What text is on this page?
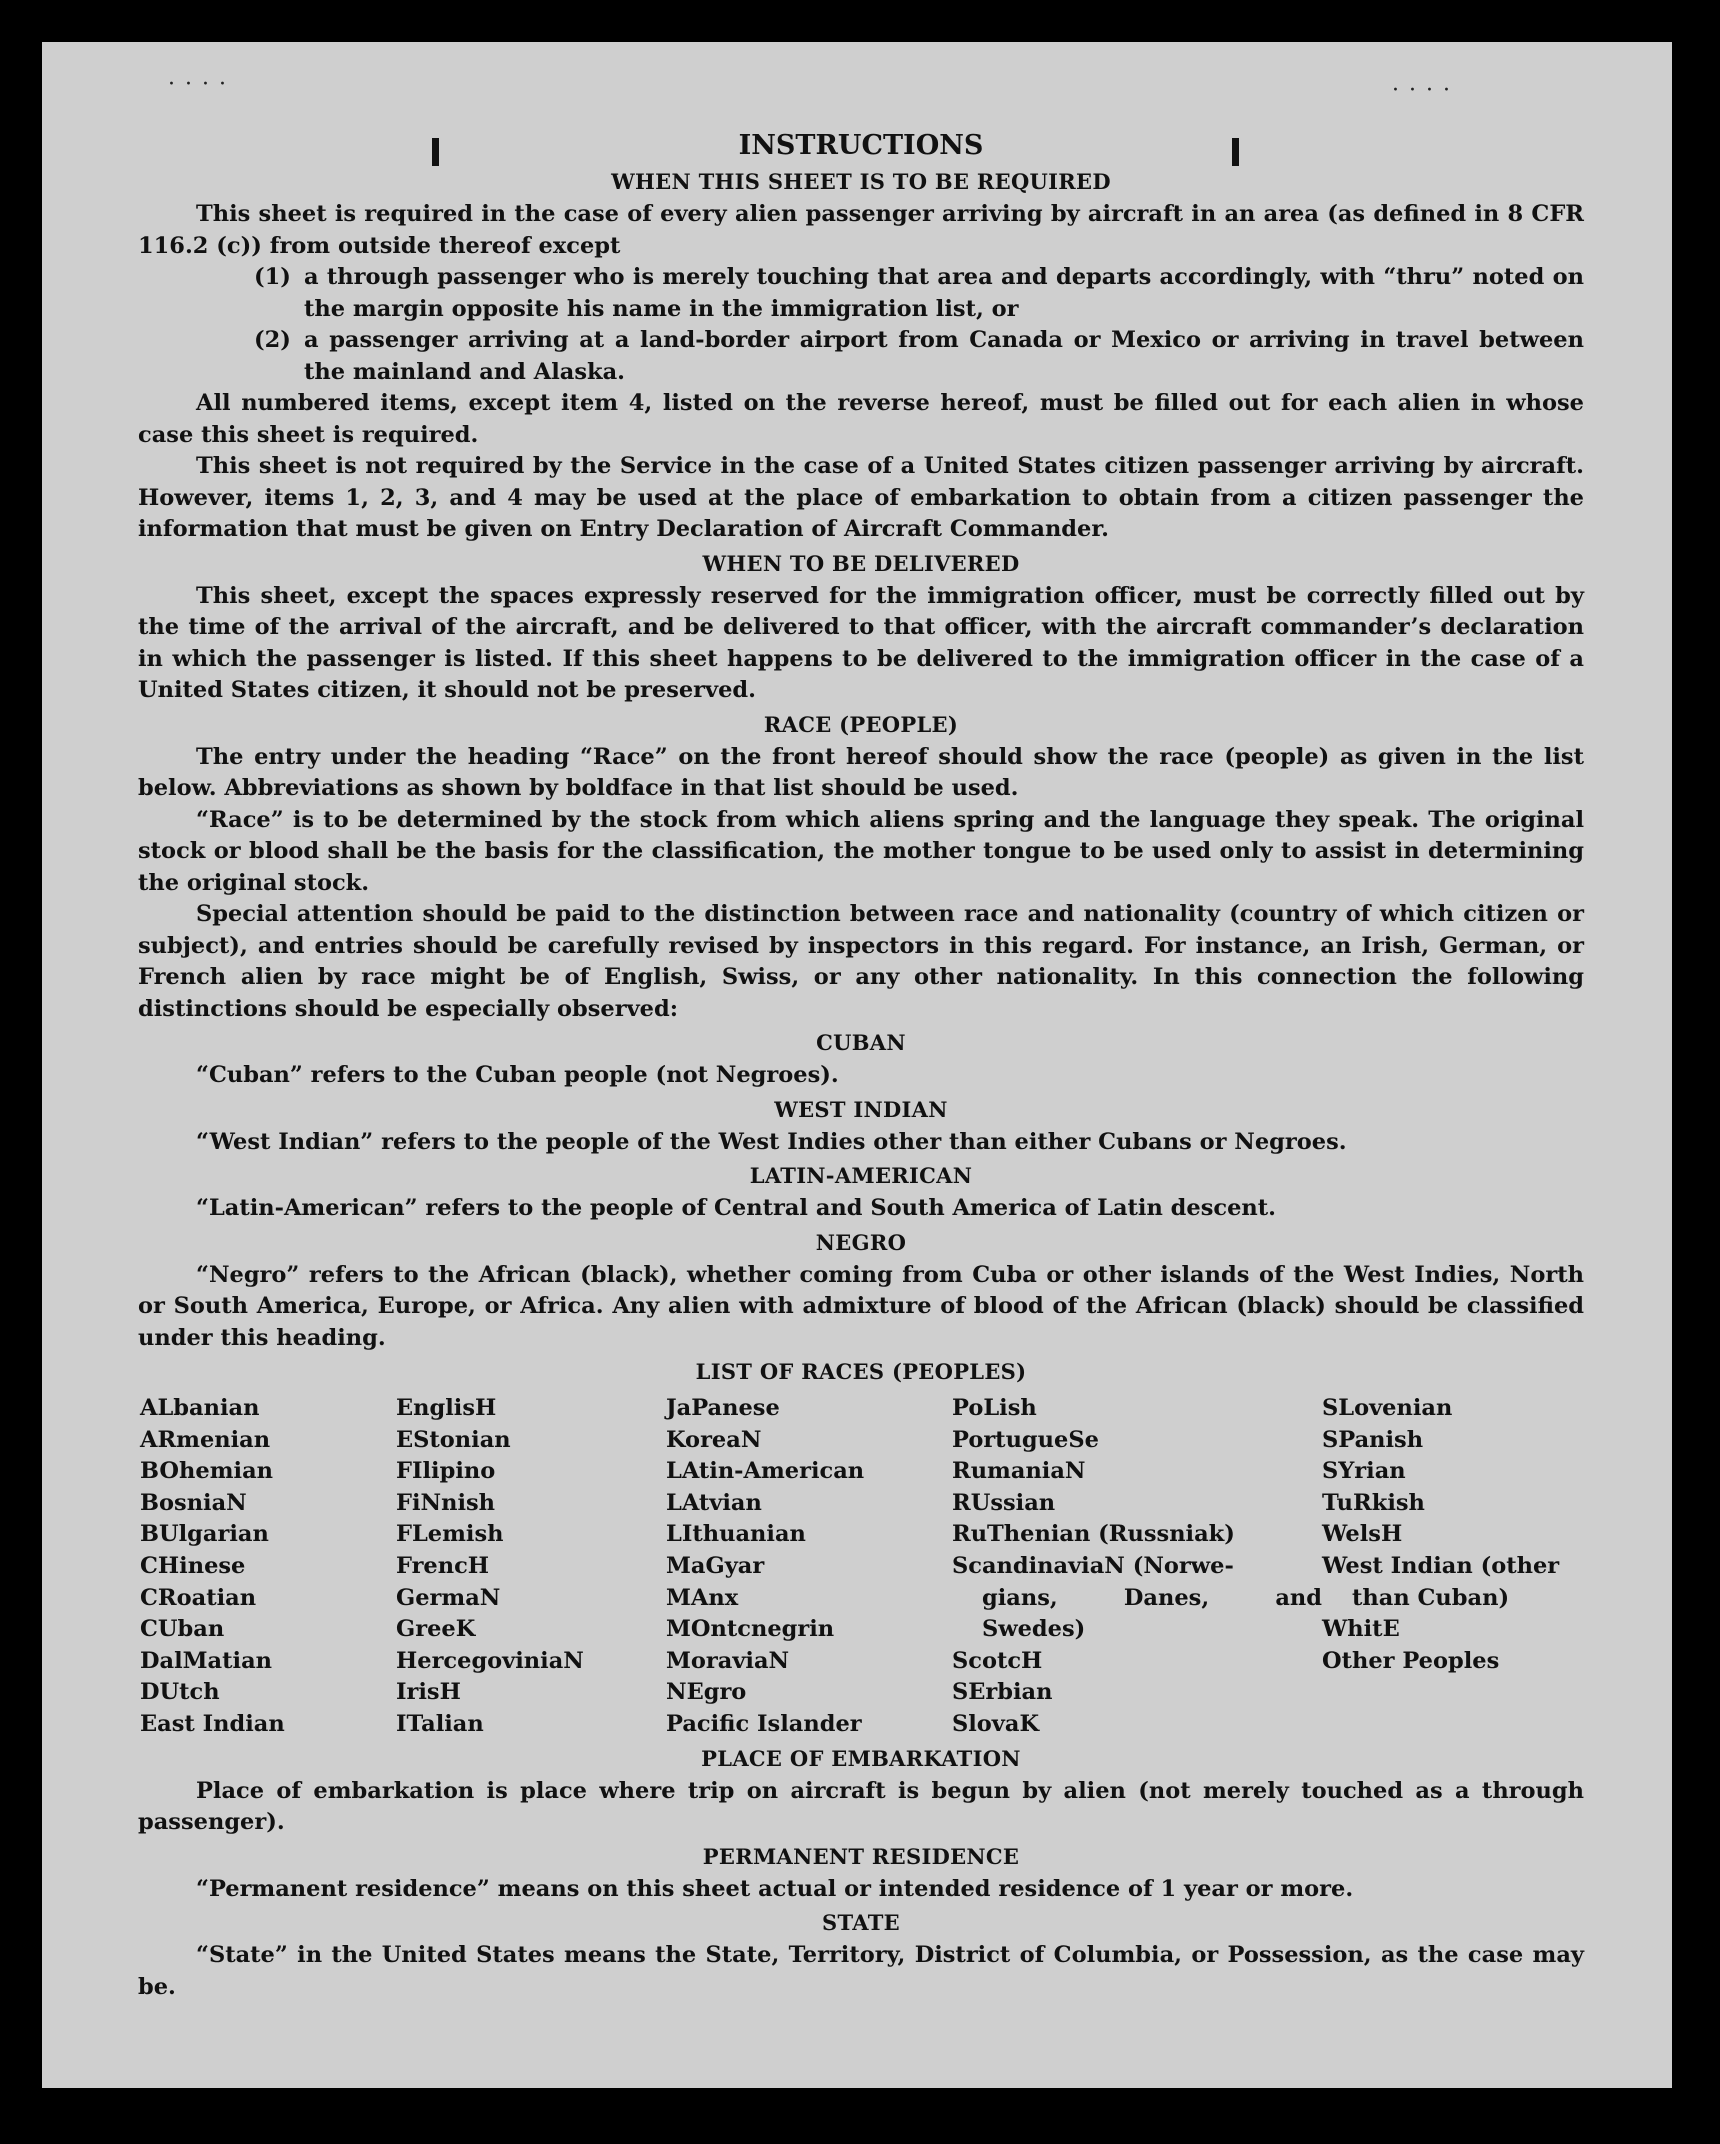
····	····
INSTRUCTIONS
WHEN THIS SHEET IS TO BE REQUIRED

This sheet is required in the case of every alien passenger arriving by aircraft in an area (as defined in 8 CFR 116.2 (c)) from outside thereof except

(1) a through passenger who is merely touching that area and departs accordingly, with “thru” noted on the margin opposite his name in the immigration list, or
(2) a passenger arriving at a land-border airport from Canada or Mexico or arriving in travel between the mainland and Alaska.

All numbered items, except item 4, listed on the reverse hereof, must be filled out for each alien in whose case this sheet is required.

This sheet is not required by the Service in the case of a United States citizen passenger arriving by aircraft. However, items 1, 2, 3, and 4 may be used at the place of embarkation to obtain from a citizen passenger the information that must be given on Entry Declaration of Aircraft Commander.

WHEN TO BE DELIVERED

This sheet, except the spaces expressly reserved for the immigration officer, must be correctly filled out by the time of the arrival of the aircraft, and be delivered to that officer, with the aircraft commander’s declaration in which the passenger is listed. If this sheet happens to be delivered to the immigration officer in the case of a United States citizen, it should not be preserved.

RACE (PEOPLE)

The entry under the heading “Race” on the front hereof should show the race (people) as given in the list below. Abbreviations as shown by boldface in that list should be used.

“Race” is to be determined by the stock from which aliens spring and the language they speak. The original stock or blood shall be the basis for the classification, the mother tongue to be used only to assist in determining the original stock.

Special attention should be paid to the distinction between race and nationality (country of which citizen or subject), and entries should be carefully revised by inspectors in this regard. For instance, an Irish, German, or French alien by race might be of English, Swiss, or any other nationality. In this connection the following distinctions should be especially observed:

CUBAN

“Cuban” refers to the Cuban people (not Negroes).

WEST INDIAN

“West Indian” refers to the people of the West Indies other than either Cubans or Negroes.

LATIN-AMERICAN

“Latin-American” refers to the people of Central and South America of Latin descent.

NEGRO

“Negro” refers to the African (black), whether coming from Cuba or other islands of the West Indies, North or South America, Europe, or Africa. Any alien with admixture of blood of the African (black) should be classified under this heading.

LIST OF RACES (PEOPLES)
ALbanian
ARmenian
BOhemian
BosniaN
BUlgarian
CHinese
CRoatian
CUban
DalMatian
DUtch
East Indian
EnglisH
EStonian
FIlipino
FiNnish
FLemish
FrencH
GermaN
GreeK
HercegoviniaN
IrisH
ITalian
JaPanese
KoreaN
LAtin-American
LAtvian
LIthuanian
MaGyar
MAnx
MOntcnegrin
MoraviaN
NEgro
Pacific Islander
PoLish
PortugueSe
RumaniaN
RUssian
RuThenian (Russniak)
ScandinaviaN (Norwe-
gians, Danes, and
Swedes)
ScotcH
SErbian
SlovaK
SLovenian
SPanish
SYrian
TuRkish
WelsH
West Indian (other
than Cuban)
WhitE
Other Peoples
PLACE OF EMBARKATION

Place of embarkation is place where trip on aircraft is begun by alien (not merely touched as a through passenger).

PERMANENT RESIDENCE

“Permanent residence” means on this sheet actual or intended residence of 1 year or more.

STATE

“State” in the United States means the State, Territory, District of Columbia, or Possession, as the case may be.
